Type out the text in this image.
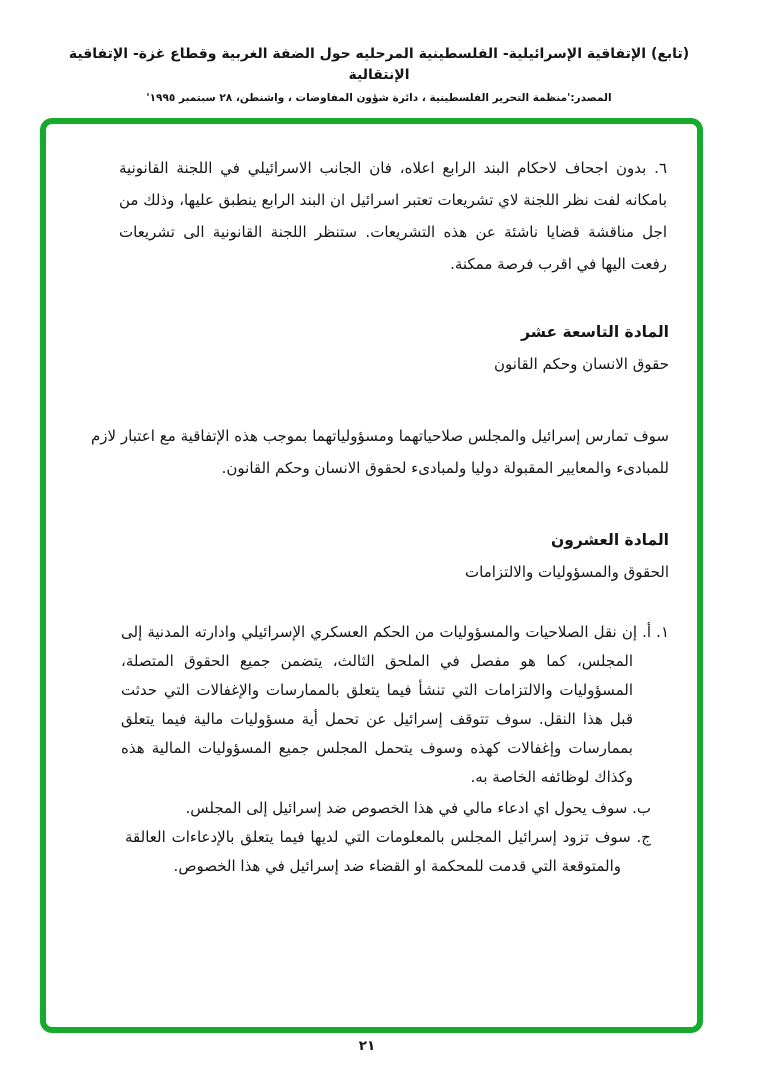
(تابع) الإتفاقية الإسرائيلية- الفلسطينية المرحليه حول الضفة الغربية وقطاع غزة- الإتفاقية الإنتقالية
المصدر:'منظمة التحرير الفلسطينية ، دائرة شؤون المفاوضات ، واشنطن، ٢٨ سبتمبر ١٩٩٥'
٦. بدون اجحاف لاحكام البند الرابع اعلاه، فان الجانب الاسرائيلي في اللجنة القانونية بامكانه لفت نظر اللجنة لاي تشريعات تعتبر اسرائيل ان البند الرابع ينطبق عليها، وذلك من اجل مناقشة قضايا ناشئة عن هذه التشريعات. ستنظر اللجنة القانونية الى تشريعات رفعت اليها في اقرب فرصة ممكنة.
المادة التاسعة عشر
حقوق الانسان وحكم القانون
سوف تمارس إسرائيل والمجلس صلاحياتهما ومسؤولياتهما بموجب هذه الإتفاقية مع اعتبار لازم للمبادىء والمعايير المقبولة دوليا ولمبادىء لحقوق الانسان وحكم القانون.
المادة العشرون
الحقوق والمسؤوليات والالتزامات
١. أ. إن نقل الصلاحيات والمسؤوليات من الحكم العسكري الإسرائيلي وادارته المدنية إلى المجلس، كما هو مفصل في الملحق الثالث، يتضمن جميع الحقوق المتصلة، المسؤوليات والالتزامات التي تنشأ فيما يتعلق بالممارسات والإغفالات التي حدثت قبل هذا النقل. سوف تتوقف إسرائيل عن تحمل أية مسؤوليات مالية فيما يتعلق بممارسات وإغفالات كهذه وسوف يتحمل المجلس جميع المسؤوليات المالية هذه وكذاك لوظائفه الخاصة به.
ب. سوف يحول اي ادعاء مالي في هذا الخصوص ضد إسرائيل إلى المجلس.
ج. سوف تزود إسرائيل المجلس بالمعلومات التي لديها فيما يتعلق بالإدعاءات العالقة والمتوقعة التي قدمت للمحكمة او القضاء ضد إسرائيل في هذا الخصوص.
٢١
